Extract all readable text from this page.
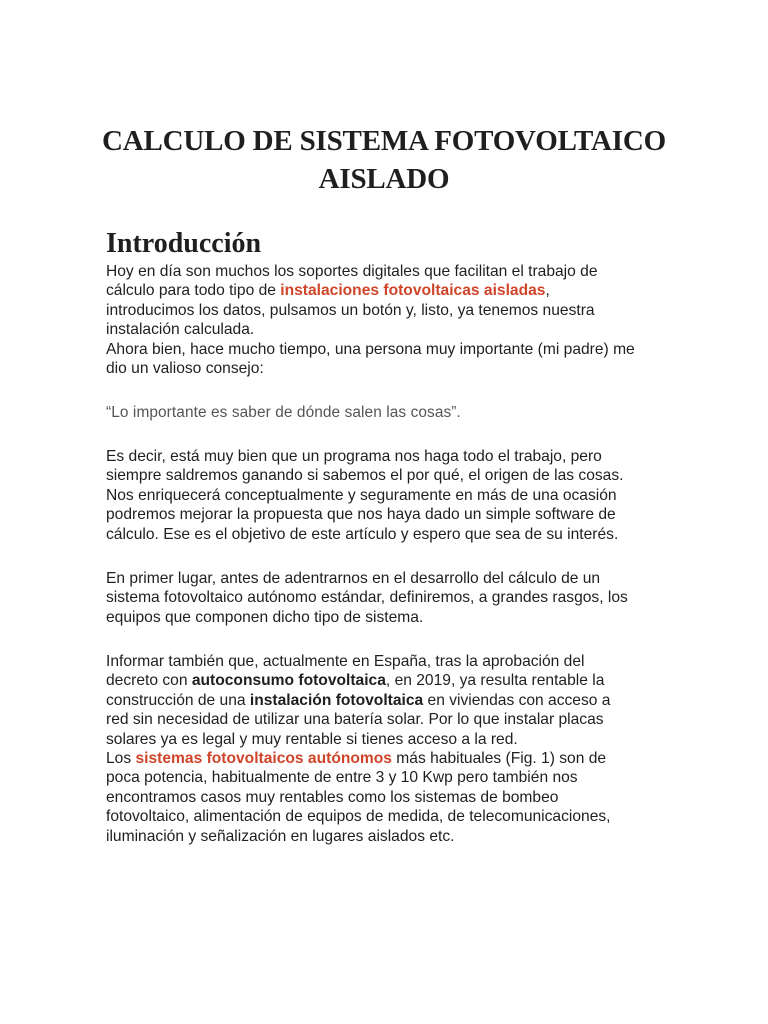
CALCULO DE SISTEMA FOTOVOLTAICO
AISLADO
Introducción

Hoy en día son muchos los soportes digitales que facilitan el trabajo de
cálculo para todo tipo de instalaciones fotovoltaicas aisladas,
introducimos los datos, pulsamos un botón y, listo, ya tenemos nuestra
instalación calculada.
Ahora bien, hace mucho tiempo, una persona muy importante (mi padre) me
dio un valioso consejo:

“Lo importante es saber de dónde salen las cosas”.

Es decir, está muy bien que un programa nos haga todo el trabajo, pero
siempre saldremos ganando si sabemos el por qué, el origen de las cosas.
Nos enriquecerá conceptualmente y seguramente en más de una ocasión
podremos mejorar la propuesta que nos haya dado un simple software de
cálculo. Ese es el objetivo de este artículo y espero que sea de su interés.

En primer lugar, antes de adentrarnos en el desarrollo del cálculo de un
sistema fotovoltaico autónomo estándar, definiremos, a grandes rasgos, los
equipos que componen dicho tipo de sistema.

Informar también que, actualmente en España, tras la aprobación del
decreto con autoconsumo fotovoltaica, en 2019, ya resulta rentable la
construcción de una instalación fotovoltaica en viviendas con acceso a
red sin necesidad de utilizar una batería solar. Por lo que instalar placas
solares ya es legal y muy rentable si tienes acceso a la red.
Los sistemas fotovoltaicos autónomos más habituales (Fig. 1) son de
poca potencia, habitualmente de entre 3 y 10 Kwp pero también nos
encontramos casos muy rentables como los sistemas de bombeo
fotovoltaico, alimentación de equipos de medida, de telecomunicaciones,
iluminación y señalización en lugares aislados etc.
